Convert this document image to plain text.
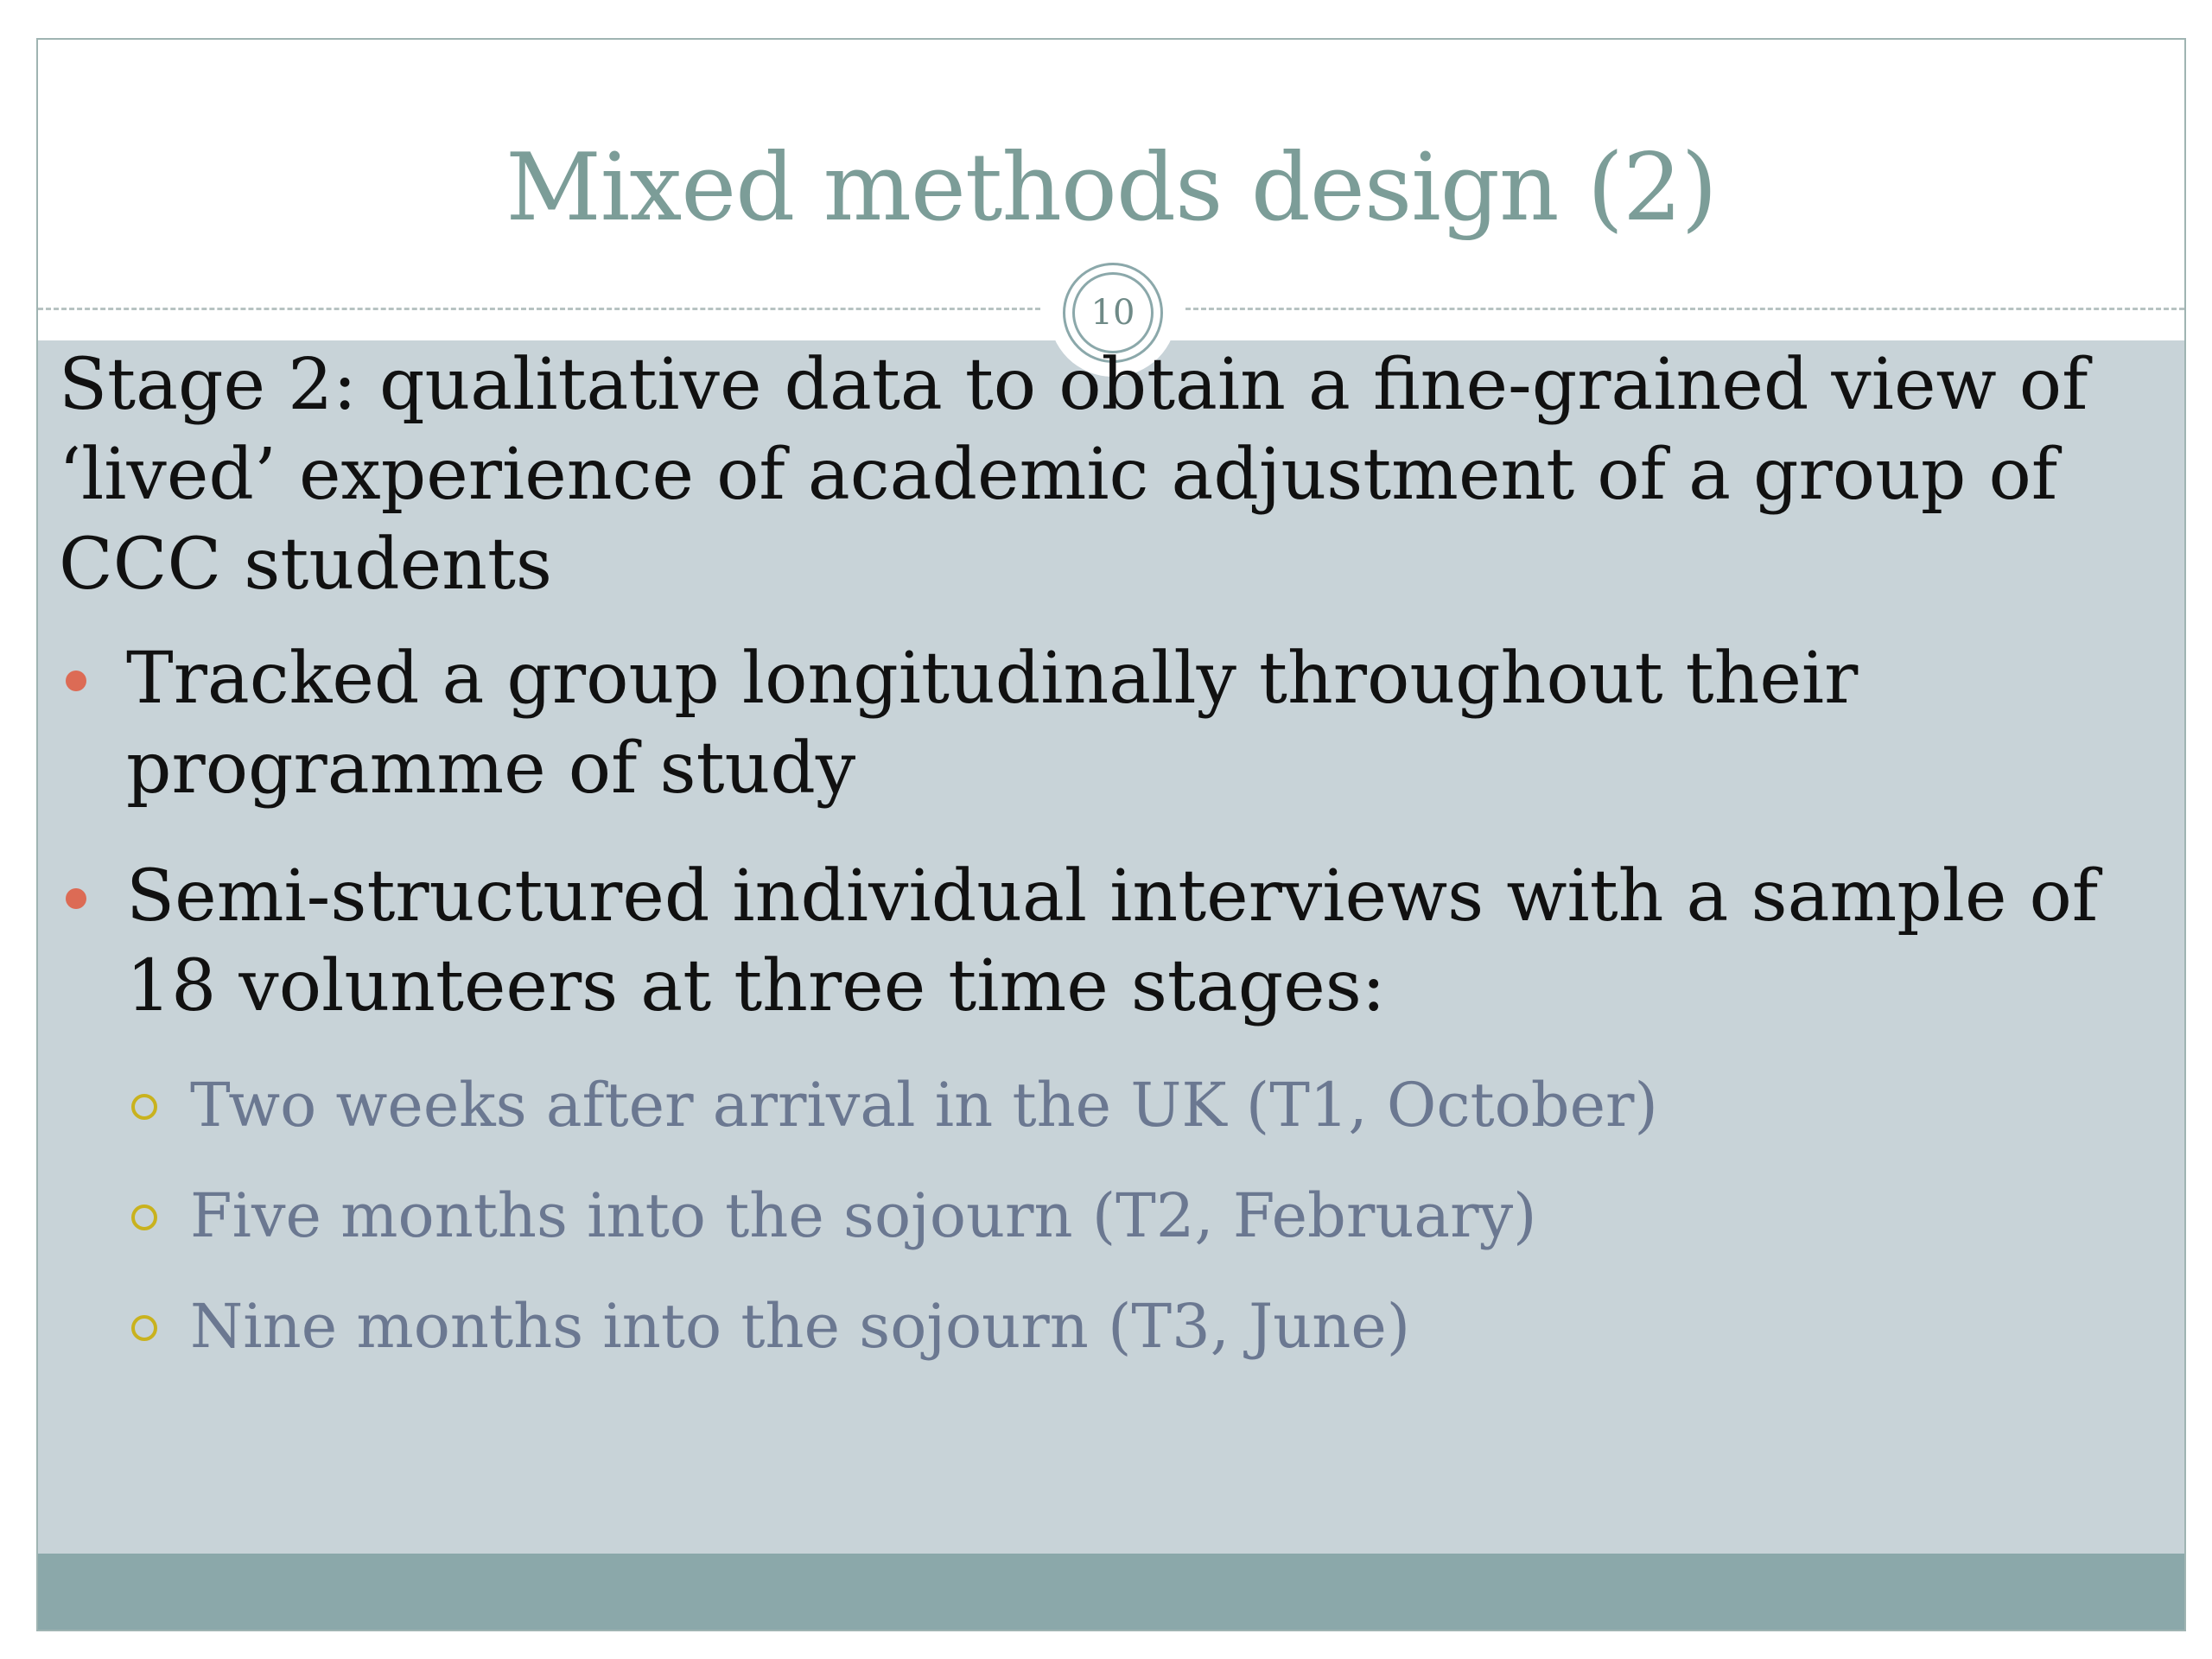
Mixed methods design (2)
10

Stage 2: qualitative data to obtain a fine-grained view of ‘lived’ experience of academic adjustment of a group of CCC students

Tracked a group longitudinally throughout their programme of study
Semi-structured individual interviews with a sample of 18 volunteers at three time stages:
Two weeks after arrival in the UK (T1, October)
Five months into the sojourn (T2, February)
Nine months into the sojourn (T3, June)
